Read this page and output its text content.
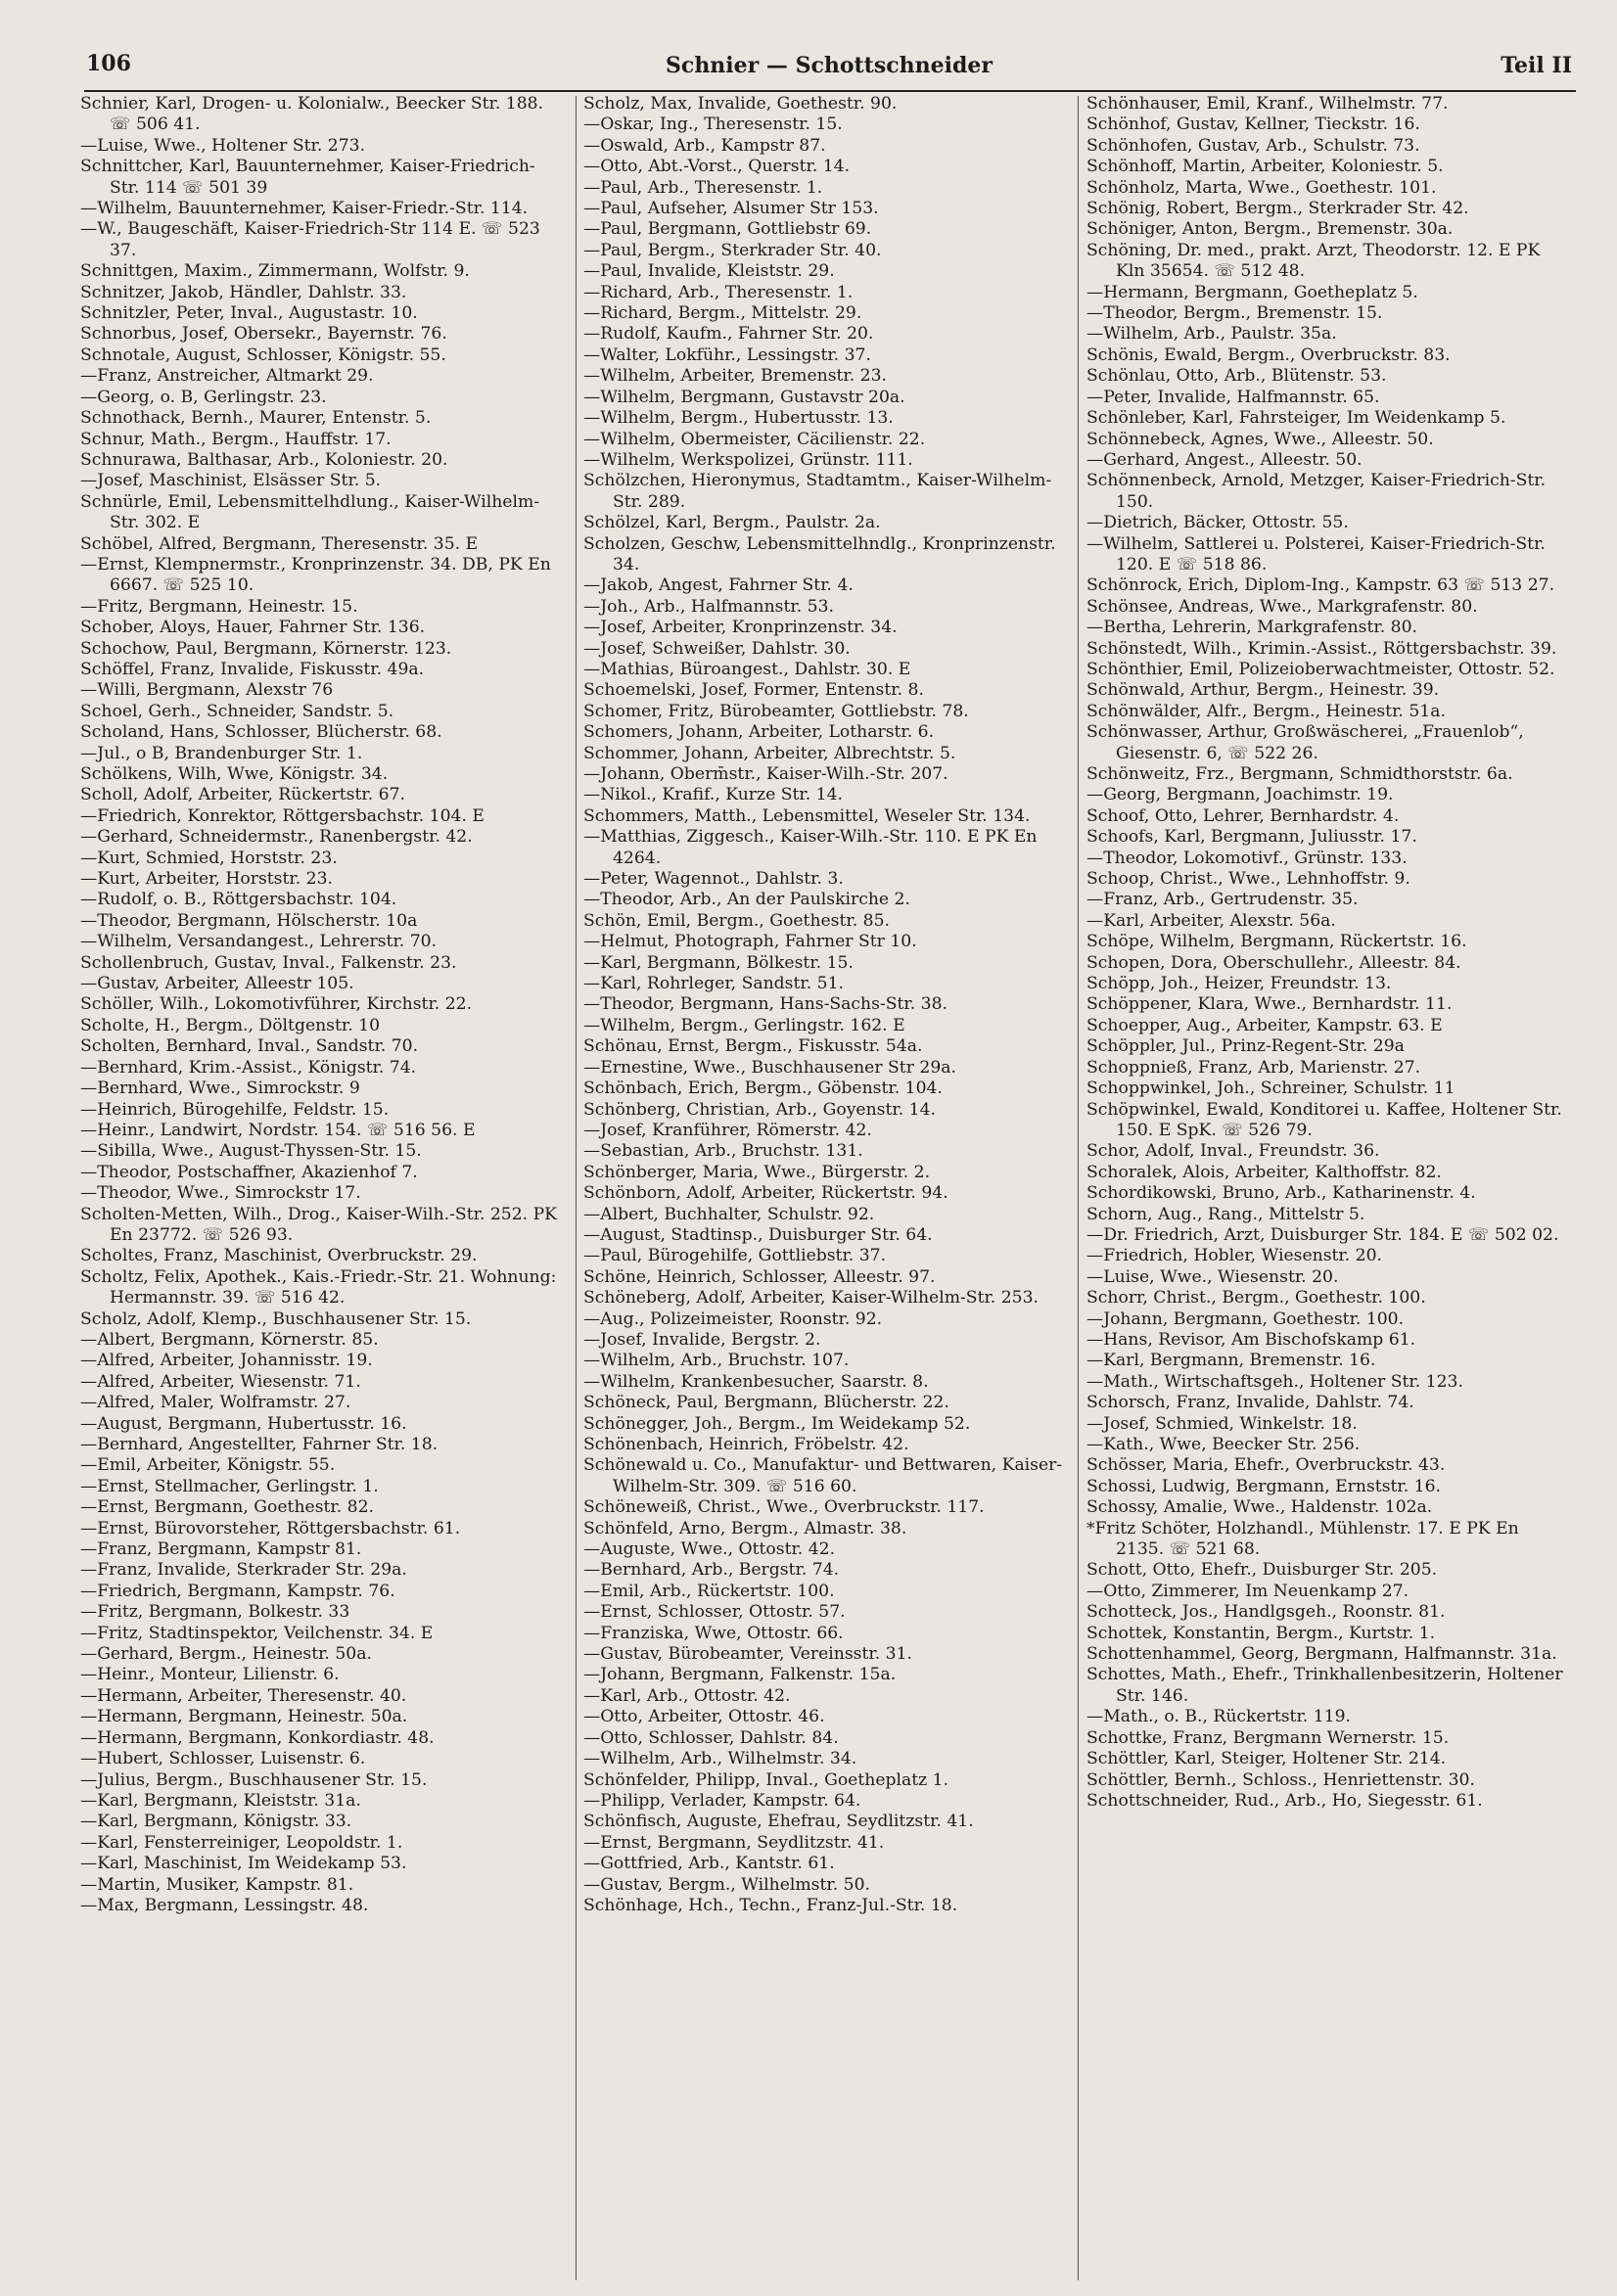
106	Schnier — Schottschneider	Teil II

Schnier, Karl, Drogen- u. Kolonialw., Beecker Str. 188. ☏ 506 41.

—Luise, Wwe., Holtener Str. 273.

Schnittcher, Karl, Bauunternehmer, Kaiser-Friedrich-Str. 114 ☏ 501 39

—Wilhelm, Bauunternehmer, Kaiser-Friedr.-Str. 114.

—W., Baugeschäft, Kaiser-Friedrich-Str 114 E. ☏ 523 37.

Schnittgen, Maxim., Zimmermann, Wolfstr. 9.

Schnitzer, Jakob, Händler, Dahlstr. 33.

Schnitzler, Peter, Inval., Augustastr. 10.

Schnorbus, Josef, Obersekr., Bayernstr. 76.

Schnotale, August, Schlosser, Königstr. 55.

—Franz, Anstreicher, Altmarkt 29.

—Georg, o. B, Gerlingstr. 23.

Schnothack, Bernh., Maurer, Entenstr. 5.

Schnur, Math., Bergm., Hauffstr. 17.

Schnurawa, Balthasar, Arb., Koloniestr. 20.

—Josef, Maschinist, Elsässer Str. 5.

Schnürle, Emil, Lebensmittelhdlung., Kaiser-Wilhelm-Str. 302. E

Schöbel, Alfred, Bergmann, Theresenstr. 35. E

—Ernst, Klempnermstr., Kronprinzenstr. 34. DB, PK En 6667. ☏ 525 10.

—Fritz, Bergmann, Heinestr. 15.

Schober, Aloys, Hauer, Fahrner Str. 136.

Schochow, Paul, Bergmann, Körnerstr. 123.

Schöffel, Franz, Invalide, Fiskusstr. 49a.

—Willi, Bergmann, Alexstr 76

Schoel, Gerh., Schneider, Sandstr. 5.

Scholand, Hans, Schlosser, Blücherstr. 68.

—Jul., o B, Brandenburger Str. 1.

Schölkens, Wilh, Wwe, Königstr. 34.

Scholl, Adolf, Arbeiter, Rückertstr. 67.

—Friedrich, Konrektor, Röttgersbachstr. 104. E

—Gerhard, Schneidermstr., Ranenbergstr. 42.

—Kurt, Schmied, Horststr. 23.

—Kurt, Arbeiter, Horststr. 23.

—Rudolf, o. B., Röttgersbachstr. 104.

—Theodor, Bergmann, Hölscherstr. 10a

—Wilhelm, Versandangest., Lehrerstr. 70.

Schollenbruch, Gustav, Inval., Falkenstr. 23.

—Gustav, Arbeiter, Alleestr 105.

Schöller, Wilh., Lokomotivführer, Kirchstr. 22.

Scholte, H., Bergm., Döltgenstr. 10

Scholten, Bernhard, Inval., Sandstr. 70.

—Bernhard, Krim.-Assist., Königstr. 74.

—Bernhard, Wwe., Simrockstr. 9

—Heinrich, Bürogehilfe, Feldstr. 15.

—Heinr., Landwirt, Nordstr. 154. ☏ 516 56. E

—Sibilla, Wwe., August-Thyssen-Str. 15.

—Theodor, Postschaffner, Akazienhof 7.

—Theodor, Wwe., Simrockstr 17.

Scholten-Metten, Wilh., Drog., Kaiser-Wilh.-Str. 252. PK En 23772. ☏ 526 93.

Scholtes, Franz, Maschinist, Overbruckstr. 29.

Scholtz, Felix, Apothek., Kais.-Friedr.-Str. 21. Wohnung: Hermannstr. 39. ☏ 516 42.

Scholz, Adolf, Klemp., Buschhausener Str. 15.

—Albert, Bergmann, Körnerstr. 85.

—Alfred, Arbeiter, Johannisstr. 19.

—Alfred, Arbeiter, Wiesenstr. 71.

—Alfred, Maler, Wolframstr. 27.

—August, Bergmann, Hubertusstr. 16.

—Bernhard, Angestellter, Fahrner Str. 18.

—Emil, Arbeiter, Königstr. 55.

—Ernst, Stellmacher, Gerlingstr. 1.

—Ernst, Bergmann, Goethestr. 82.

—Ernst, Bürovorsteher, Röttgersbachstr. 61.

—Franz, Bergmann, Kampstr 81.

—Franz, Invalide, Sterkrader Str. 29a.

—Friedrich, Bergmann, Kampstr. 76.

—Fritz, Bergmann, Bolkestr. 33

—Fritz, Stadtinspektor, Veilchenstr. 34. E

—Gerhard, Bergm., Heinestr. 50a.

—Heinr., Monteur, Lilienstr. 6.

—Hermann, Arbeiter, Theresenstr. 40.

—Hermann, Bergmann, Heinestr. 50a.

—Hermann, Bergmann, Konkordiastr. 48.

—Hubert, Schlosser, Luisenstr. 6.

—Julius, Bergm., Buschhausener Str. 15.

—Karl, Bergmann, Kleiststr. 31a.

—Karl, Bergmann, Königstr. 33.

—Karl, Fensterreiniger, Leopoldstr. 1.

—Karl, Maschinist, Im Weidekamp 53.

—Martin, Musiker, Kampstr. 81.

—Max, Bergmann, Lessingstr. 48.

Scholz, Max, Invalide, Goethestr. 90.

—Oskar, Ing., Theresenstr. 15.

—Oswald, Arb., Kampstr 87.

—Otto, Abt.-Vorst., Querstr. 14.

—Paul, Arb., Theresenstr. 1.

—Paul, Aufseher, Alsumer Str 153.

—Paul, Bergmann, Gottliebstr 69.

—Paul, Bergm., Sterkrader Str. 40.

—Paul, Invalide, Kleiststr. 29.

—Richard, Arb., Theresenstr. 1.

—Richard, Bergm., Mittelstr. 29.

—Rudolf, Kaufm., Fahrner Str. 20.

—Walter, Lokführ., Lessingstr. 37.

—Wilhelm, Arbeiter, Bremenstr. 23.

—Wilhelm, Bergmann, Gustavstr 20a.

—Wilhelm, Bergm., Hubertusstr. 13.

—Wilhelm, Obermeister, Cäcilienstr. 22.

—Wilhelm, Werkspolizei, Grünstr. 111.

Schölzchen, Hieronymus, Stadtamtm., Kaiser-Wilhelm-Str. 289.

Schölzel, Karl, Bergm., Paulstr. 2a.

Scholzen, Geschw, Lebensmittelhndlg., Kronprinzenstr. 34.

—Jakob, Angest, Fahrner Str. 4.

—Joh., Arb., Halfmannstr. 53.

—Josef, Arbeiter, Kronprinzenstr. 34.

—Josef, Schweißer, Dahlstr. 30.

—Mathias, Büroangest., Dahlstr. 30. E

Schoemelski, Josef, Former, Entenstr. 8.

Schomer, Fritz, Bürobeamter, Gottliebstr. 78.

Schomers, Johann, Arbeiter, Lotharstr. 6.

Schommer, Johann, Arbeiter, Albrechtstr. 5.

—Johann, Oberm̄str., Kaiser-Wilh.-Str. 207.

—Nikol., Krafif., Kurze Str. 14.

Schommers, Matth., Lebensmittel, Weseler Str. 134.

—Matthias, Ziggesch., Kaiser-Wilh.-Str. 110. E PK En 4264.

—Peter, Wagennot., Dahlstr. 3.

—Theodor, Arb., An der Paulskirche 2.

Schön, Emil, Bergm., Goethestr. 85.

—Helmut, Photograph, Fahrner Str 10.

—Karl, Bergmann, Bölkestr. 15.

—Karl, Rohrleger, Sandstr. 51.

—Theodor, Bergmann, Hans-Sachs-Str. 38.

—Wilhelm, Bergm., Gerlingstr. 162. E

Schönau, Ernst, Bergm., Fiskusstr. 54a.

—Ernestine, Wwe., Buschhausener Str 29a.

Schönbach, Erich, Bergm., Göbenstr. 104.

Schönberg, Christian, Arb., Goyenstr. 14.

—Josef, Kranführer, Römerstr. 42.

—Sebastian, Arb., Bruchstr. 131.

Schönberger, Maria, Wwe., Bürgerstr. 2.

Schönborn, Adolf, Arbeiter, Rückertstr. 94.

—Albert, Buchhalter, Schulstr. 92.

—August, Stadtinsp., Duisburger Str. 64.

—Paul, Bürogehilfe, Gottliebstr. 37.

Schöne, Heinrich, Schlosser, Alleestr. 97.

Schöneberg, Adolf, Arbeiter, Kaiser-Wilhelm-Str. 253.

—Aug., Polizeimeister, Roonstr. 92.

—Josef, Invalide, Bergstr. 2.

—Wilhelm, Arb., Bruchstr. 107.

—Wilhelm, Krankenbesucher, Saarstr. 8.

Schöneck, Paul, Bergmann, Blücherstr. 22.

Schönegger, Joh., Bergm., Im Weidekamp 52.

Schönenbach, Heinrich, Fröbelstr. 42.

Schönewald u. Co., Manufaktur- und Bettwaren, Kaiser-Wilhelm-Str. 309. ☏ 516 60.

Schöneweiß, Christ., Wwe., Overbruckstr. 117.

Schönfeld, Arno, Bergm., Almastr. 38.

—Auguste, Wwe., Ottostr. 42.

—Bernhard, Arb., Bergstr. 74.

—Emil, Arb., Rückertstr. 100.

—Ernst, Schlosser, Ottostr. 57.

—Franziska, Wwe, Ottostr. 66.

—Gustav, Bürobeamter, Vereinsstr. 31.

—Johann, Bergmann, Falkenstr. 15a.

—Karl, Arb., Ottostr. 42.

—Otto, Arbeiter, Ottostr. 46.

—Otto, Schlosser, Dahlstr. 84.

—Wilhelm, Arb., Wilhelmstr. 34.

Schönfelder, Philipp, Inval., Goetheplatz 1.

—Philipp, Verlader, Kampstr. 64.

Schönfisch, Auguste, Ehefrau, Seydlitzstr. 41.

—Ernst, Bergmann, Seydlitzstr. 41.

—Gottfried, Arb., Kantstr. 61.

—Gustav, Bergm., Wilhelmstr. 50.

Schönhage, Hch., Techn., Franz-Jul.-Str. 18.

Schönhauser, Emil, Kranf., Wilhelmstr. 77.

Schönhof, Gustav, Kellner, Tieckstr. 16.

Schönhofen, Gustav, Arb., Schulstr. 73.

Schönhoff, Martin, Arbeiter, Koloniestr. 5.

Schönholz, Marta, Wwe., Goethestr. 101.

Schönig, Robert, Bergm., Sterkrader Str. 42.

Schöniger, Anton, Bergm., Bremenstr. 30a.

Schöning, Dr. med., prakt. Arzt, Theodorstr. 12. E PK Kln 35654. ☏ 512 48.

—Hermann, Bergmann, Goetheplatz 5.

—Theodor, Bergm., Bremenstr. 15.

—Wilhelm, Arb., Paulstr. 35a.

Schönis, Ewald, Bergm., Overbruckstr. 83.

Schönlau, Otto, Arb., Blütenstr. 53.

—Peter, Invalide, Halfmannstr. 65.

Schönleber, Karl, Fahrsteiger, Im Weidenkamp 5.

Schönnebeck, Agnes, Wwe., Alleestr. 50.

—Gerhard, Angest., Alleestr. 50.

Schönnenbeck, Arnold, Metzger, Kaiser-Friedrich-Str. 150.

—Dietrich, Bäcker, Ottostr. 55.

—Wilhelm, Sattlerei u. Polsterei, Kaiser-Friedrich-Str. 120. E ☏ 518 86.

Schönrock, Erich, Diplom-Ing., Kampstr. 63 ☏ 513 27.

Schönsee, Andreas, Wwe., Markgrafenstr. 80.

—Bertha, Lehrerin, Markgrafenstr. 80.

Schönstedt, Wilh., Krimin.-Assist., Röttgersbachstr. 39.

Schönthier, Emil, Polizeioberwachtmeister, Ottostr. 52.

Schönwald, Arthur, Bergm., Heinestr. 39.

Schönwälder, Alfr., Bergm., Heinestr. 51a.

Schönwasser, Arthur, Großwäscherei, „Frauenlob“, Giesenstr. 6, ☏ 522 26.

Schönweitz, Frz., Bergmann, Schmidthorststr. 6a.

—Georg, Bergmann, Joachimstr. 19.

Schoof, Otto, Lehrer, Bernhardstr. 4.

Schoofs, Karl, Bergmann, Juliusstr. 17.

—Theodor, Lokomotivf., Grünstr. 133.

Schoop, Christ., Wwe., Lehnhoffstr. 9.

—Franz, Arb., Gertrudenstr. 35.

—Karl, Arbeiter, Alexstr. 56a.

Schöpe, Wilhelm, Bergmann, Rückertstr. 16.

Schopen, Dora, Oberschullehr., Alleestr. 84.

Schöpp, Joh., Heizer, Freundstr. 13.

Schöppener, Klara, Wwe., Bernhardstr. 11.

Schoepper, Aug., Arbeiter, Kampstr. 63. E

Schöppler, Jul., Prinz-Regent-Str. 29a

Schoppnieß, Franz, Arb, Marienstr. 27.

Schoppwinkel, Joh., Schreiner, Schulstr. 11

Schöpwinkel, Ewald, Konditorei u. Kaffee, Holtener Str. 150. E SpK. ☏ 526 79.

Schor, Adolf, Inval., Freundstr. 36.

Schoralek, Alois, Arbeiter, Kalthoffstr. 82.

Schordikowski, Bruno, Arb., Katharinenstr. 4.

Schorn, Aug., Rang., Mittelstr 5.

—Dr. Friedrich, Arzt, Duisburger Str. 184. E ☏ 502 02.

—Friedrich, Hobler, Wiesenstr. 20.

—Luise, Wwe., Wiesenstr. 20.

Schorr, Christ., Bergm., Goethestr. 100.

—Johann, Bergmann, Goethestr. 100.

—Hans, Revisor, Am Bischofskamp 61.

—Karl, Bergmann, Bremenstr. 16.

—Math., Wirtschaftsgeh., Holtener Str. 123.

Schorsch, Franz, Invalide, Dahlstr. 74.

—Josef, Schmied, Winkelstr. 18.

—Kath., Wwe, Beecker Str. 256.

Schösser, Maria, Ehefr., Overbruckstr. 43.

Schossi, Ludwig, Bergmann, Ernststr. 16.

Schossy, Amalie, Wwe., Haldenstr. 102a.

*Fritz Schöter, Holzhandl., Mühlenstr. 17. E PK En 2135. ☏ 521 68.

Schott, Otto, Ehefr., Duisburger Str. 205.

—Otto, Zimmerer, Im Neuenkamp 27.

Schotteck, Jos., Handlgsgeh., Roonstr. 81.

Schottek, Konstantin, Bergm., Kurtstr. 1.

Schottenhammel, Georg, Bergmann, Halfmannstr. 31a.

Schottes, Math., Ehefr., Trinkhallenbesitzerin, Holtener Str. 146.

—Math., o. B., Rückertstr. 119.

Schottke, Franz, Bergmann Wernerstr. 15.

Schöttler, Karl, Steiger, Holtener Str. 214.

Schöttler, Bernh., Schloss., Henriettenstr. 30.

Schottschneider, Rud., Arb., Ho, Siegesstr. 61.
